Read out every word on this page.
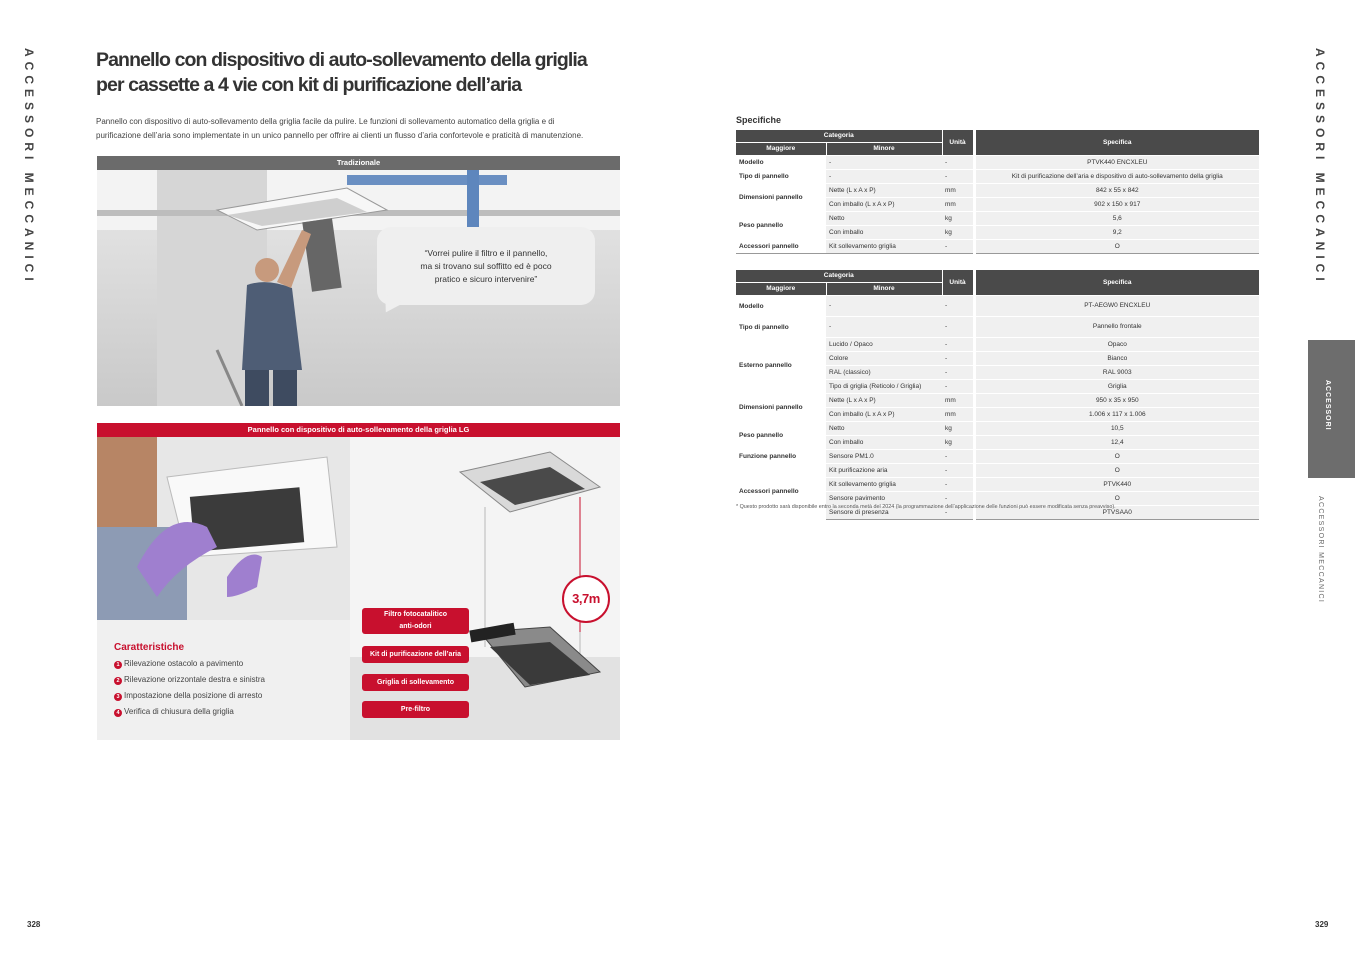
ACCESSORI MECCANICI	ACCESSORI MECCANICI
ACCESSORI
ACCESSORI MECCANICI
328	329
Pannello con dispositivo di auto-sollevamento della griglia
per cassette a 4 vie con kit di purificazione dell’aria
Pannello con dispositivo di auto-sollevamento della griglia facile da pulire. Le funzioni di sollevamento automatico della griglia e di
purificazione dell’aria sono implementate in un unico pannello per offrire ai clienti un flusso d’aria confortevole e praticità di manutenzione.
Tradizionale
“Vorrei pulire il filtro e il pannello,
ma si trovano sul soffitto ed è poco
pratico e sicuro intervenire”
Pannello con dispositivo di auto-sollevamento della griglia LG
3,7m
Filtro fotocatalitico
anti-odori
Kit di purificazione dell’aria
Griglia di sollevamento
Pre-filtro
Caratteristiche
1 Rilevazione ostacolo a pavimento
2 Rilevazione orizzontale destra e sinistra
3 Impostazione della posizione di arresto
4 Verifica di chiusura della griglia
Specifiche
Categoria		Unità	Specifica
Maggiore	Minore		
Modello	-	-	PTVK440 ENCXLEU
Tipo di pannello	-	-	Kit di purificazione dell’aria e dispositivo di auto-sollevamento della griglia
Dimensioni pannello	Nette (L x A x P)	mm	842 x 55 x 842
	Con imballo (L x A x P)	mm	902 x 150 x 917
Peso pannello	Netto	kg	5,6
	Con imballo	kg	9,2
Accessori pannello	Kit sollevamento griglia	-	O
Categoria		Unità	Specifica
Maggiore	Minore		
Modello	-	-	PT-AEGW0 ENCXLEU
Tipo di pannello	-	-	Pannello frontale
Esterno pannello	Lucido / Opaco	-	Opaco
	Colore	-	Bianco
	RAL (classico)	-	RAL 9003
	Tipo di griglia (Reticolo / Griglia)	-	Griglia
Dimensioni pannello	Nette (L x A x P)	mm	950 x 35 x 950
	Con imballo (L x A x P)	mm	1.006 x 117 x 1.006
Peso pannello	Netto	kg	10,5
	Con imballo	kg	12,4
Funzione pannello	Sensore PM1.0	-	O
Accessori pannello	Kit purificazione aria	-	O
	Kit sollevamento griglia	-	PTVK440
	Sensore pavimento	-	O
	Sensore di presenza	-	PTVSAA0
* Questo prodotto sarà disponibile entro la seconda metà del 2024 (la programmazione dell’applicazione delle funzioni può essere modificata senza preavviso).
